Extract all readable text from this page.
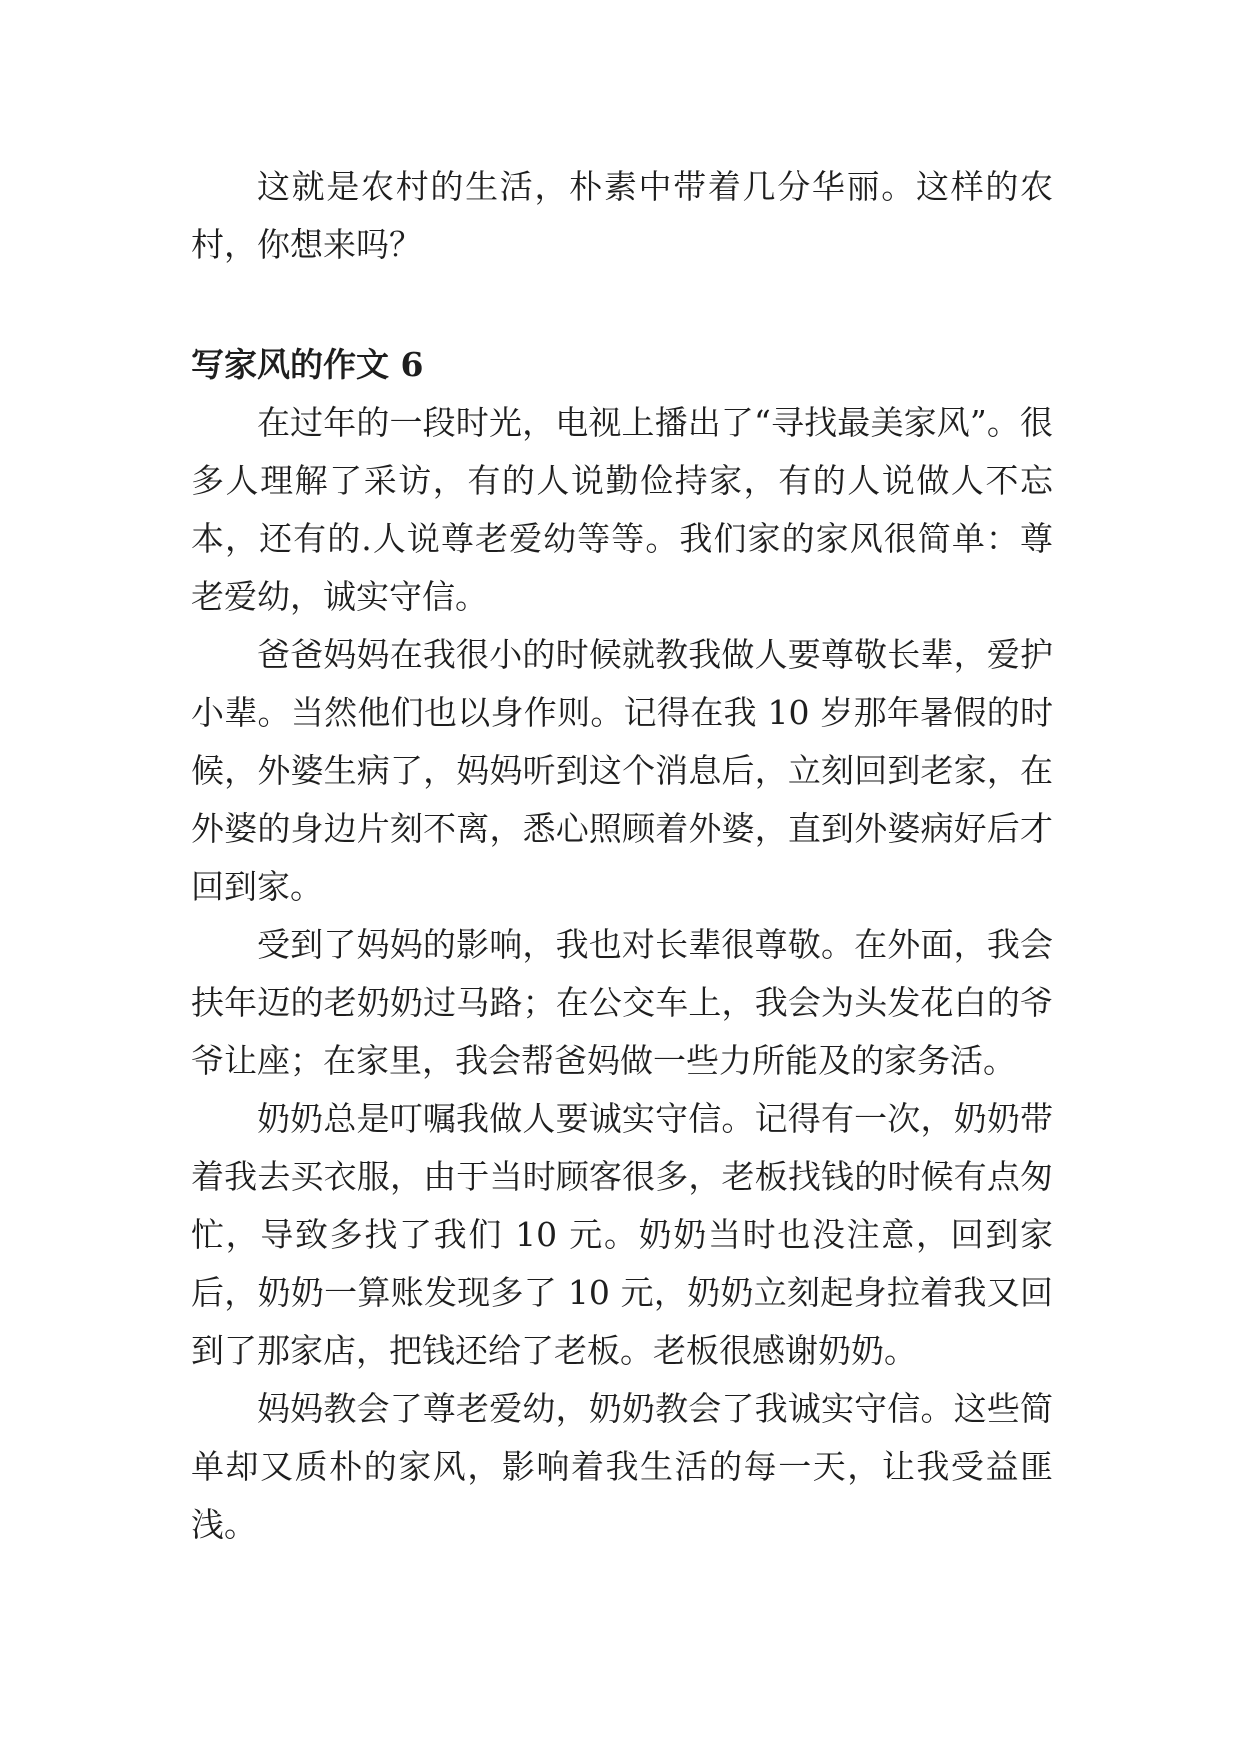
这就是农村的生活，朴素中带着几分华丽。这样的农村，你想来吗？

写家风的作文 6

在过年的一段时光，电视上播出了“寻找最美家风”。很多人理解了采访，有的人说勤俭持家，有的人说做人不忘本，还有的.人说尊老爱幼等等。我们家的家风很简单：尊老爱幼，诚实守信。

爸爸妈妈在我很小的时候就教我做人要尊敬长辈，爱护小辈。当然他们也以身作则。记得在我 10 岁那年暑假的时候，外婆生病了，妈妈听到这个消息后，立刻回到老家，在外婆的身边片刻不离，悉心照顾着外婆，直到外婆病好后才回到家。

受到了妈妈的影响，我也对长辈很尊敬。在外面，我会扶年迈的老奶奶过马路；在公交车上，我会为头发花白的爷爷让座；在家里，我会帮爸妈做一些力所能及的家务活。

奶奶总是叮嘱我做人要诚实守信。记得有一次，奶奶带着我去买衣服，由于当时顾客很多，老板找钱的时候有点匆忙，导致多找了我们 10 元。奶奶当时也没注意，回到家后，奶奶一算账发现多了 10 元，奶奶立刻起身拉着我又回到了那家店，把钱还给了老板。老板很感谢奶奶。

妈妈教会了尊老爱幼，奶奶教会了我诚实守信。这些简单却又质朴的家风，影响着我生活的每一天，让我受益匪浅。
